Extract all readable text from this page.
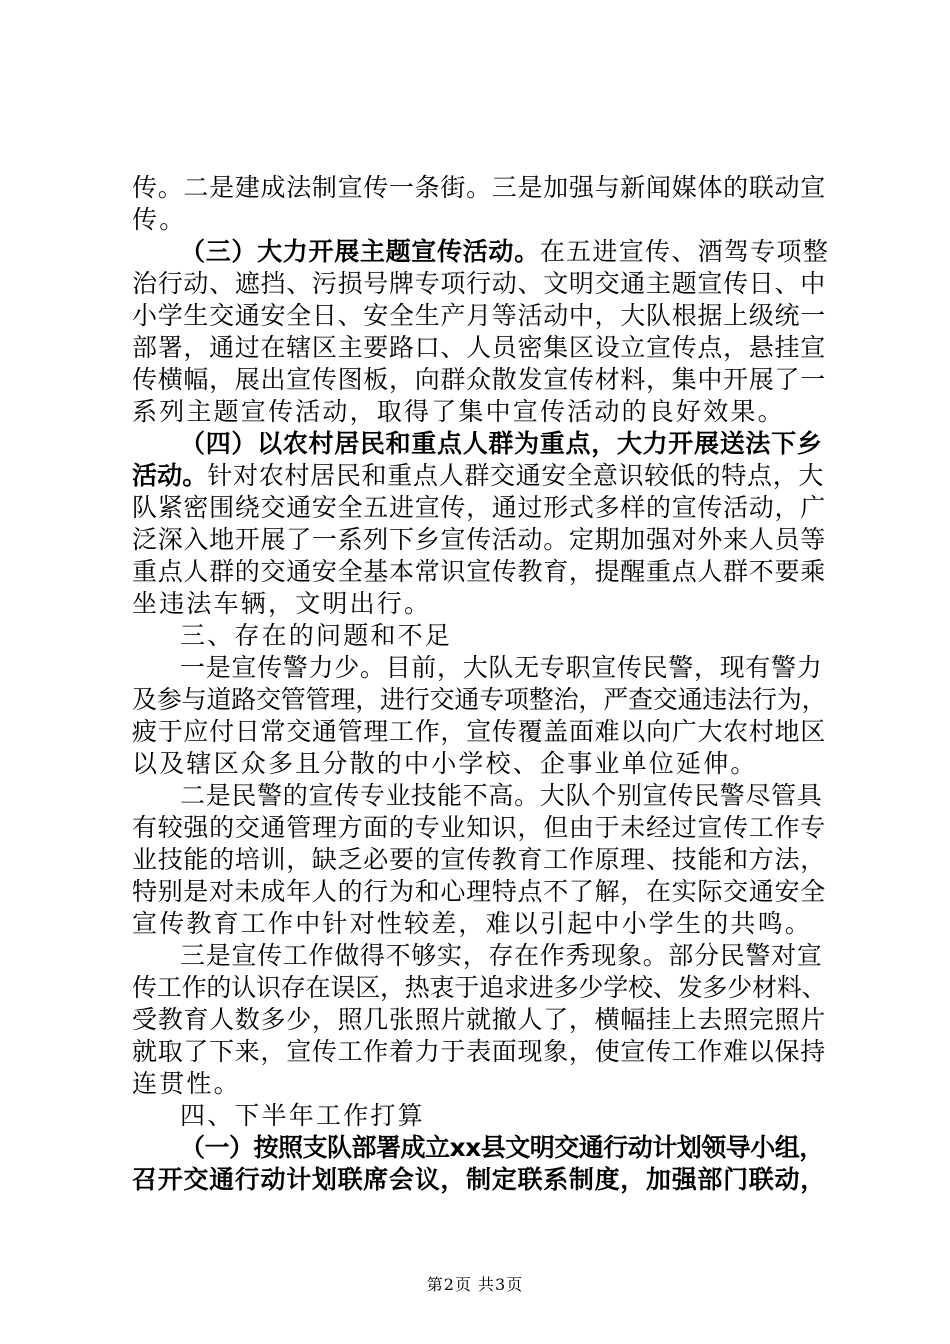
传。二是建成法制宣传一条街。三是加强与新闻媒体的联动宣
传。
（三）大力开展主题宣传活动。在五进宣传、酒驾专项整
治行动、遮挡、污损号牌专项行动、文明交通主题宣传日、中
小学生交通安全日、安全生产月等活动中，大队根据上级统一
部署，通过在辖区主要路口、人员密集区设立宣传点，悬挂宣
传横幅，展出宣传图板，向群众散发宣传材料，集中开展了一
系列主题宣传活动，取得了集中宣传活动的良好效果。
（四）以农村居民和重点人群为重点，大力开展送法下乡
活动。针对农村居民和重点人群交通安全意识较低的特点，大
队紧密围绕交通安全五进宣传，通过形式多样的宣传活动，广
泛深入地开展了一系列下乡宣传活动。定期加强对外来人员等
重点人群的交通安全基本常识宣传教育，提醒重点人群不要乘
坐违法车辆，文明出行。
三、存在的问题和不足
一是宣传警力少。目前，大队无专职宣传民警，现有警力
及参与道路交管管理，进行交通专项整治，严查交通违法行为，
疲于应付日常交通管理工作，宣传覆盖面难以向广大农村地区
以及辖区众多且分散的中小学校、企事业单位延伸。
二是民警的宣传专业技能不高。大队个别宣传民警尽管具
有较强的交通管理方面的专业知识，但由于未经过宣传工作专
业技能的培训，缺乏必要的宣传教育工作原理、技能和方法，
特别是对未成年人的行为和心理特点不了解，在实际交通安全
宣传教育工作中针对性较差，难以引起中小学生的共鸣。
三是宣传工作做得不够实，存在作秀现象。部分民警对宣
传工作的认识存在误区，热衷于追求进多少学校、发多少材料、
受教育人数多少，照几张照片就撤人了，横幅挂上去照完照片
就取了下来，宣传工作着力于表面现象，使宣传工作难以保持
连贯性。
四、下半年工作打算
（一）按照支队部署成立xx县文明交通行动计划领导小组，
召开交通行动计划联席会议，制定联系制度，加强部门联动，
第2页 共3页
